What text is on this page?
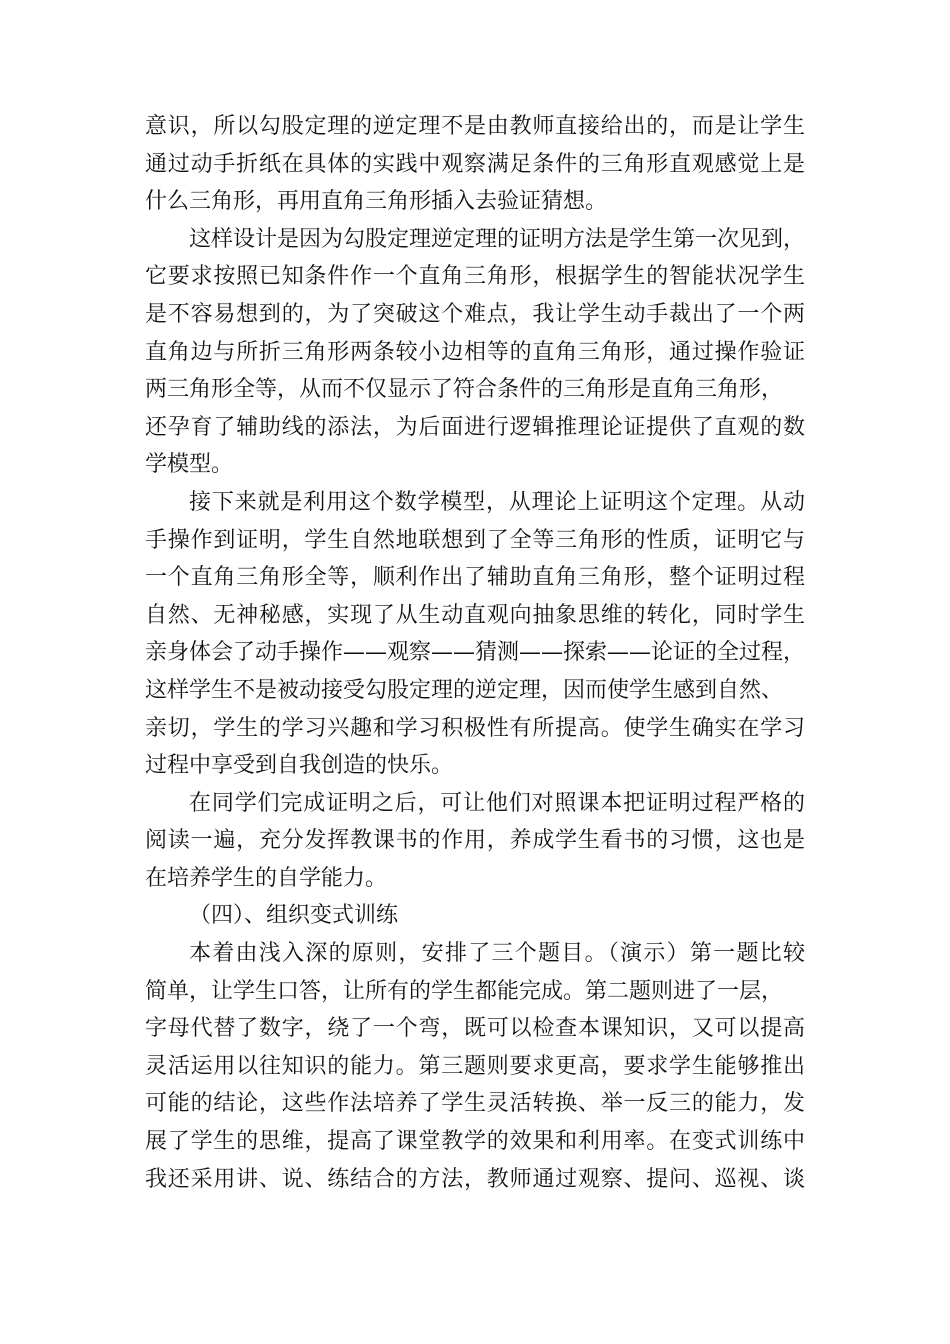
意识，所以勾股定理的逆定理不是由教师直接给出的，而是让学生
通过动手折纸在具体的实践中观察满足条件的三角形直观感觉上是
什么三角形，再用直角三角形插入去验证猜想。
这样设计是因为勾股定理逆定理的证明方法是学生第一次见到，
它要求按照已知条件作一个直角三角形，根据学生的智能状况学生
是不容易想到的，为了突破这个难点，我让学生动手裁出了一个两
直角边与所折三角形两条较小边相等的直角三角形，通过操作验证
两三角形全等，从而不仅显示了符合条件的三角形是直角三角形，
还孕育了辅助线的添法，为后面进行逻辑推理论证提供了直观的数
学模型。
接下来就是利用这个数学模型，从理论上证明这个定理。从动
手操作到证明，学生自然地联想到了全等三角形的性质，证明它与
一个直角三角形全等，顺利作出了辅助直角三角形，整个证明过程
自然、无神秘感，实现了从生动直观向抽象思维的转化，同时学生
亲身体会了动手操作——观察——猜测——探索——论证的全过程，
这样学生不是被动接受勾股定理的逆定理，因而使学生感到自然、
亲切，学生的学习兴趣和学习积极性有所提高。使学生确实在学习
过程中享受到自我创造的快乐。
在同学们完成证明之后，可让他们对照课本把证明过程严格的
阅读一遍，充分发挥教课书的作用，养成学生看书的习惯，这也是
在培养学生的自学能力。
（四）、组织变式训练
本着由浅入深的原则，安排了三个题目。（演示）第一题比较
简单，让学生口答，让所有的学生都能完成。第二题则进了一层，
字母代替了数字，绕了一个弯，既可以检查本课知识，又可以提高
灵活运用以往知识的能力。第三题则要求更高，要求学生能够推出
可能的结论，这些作法培养了学生灵活转换、举一反三的能力，发
展了学生的思维，提高了课堂教学的效果和利用率。在变式训练中
我还采用讲、说、练结合的方法，教师通过观察、提问、巡视、谈
